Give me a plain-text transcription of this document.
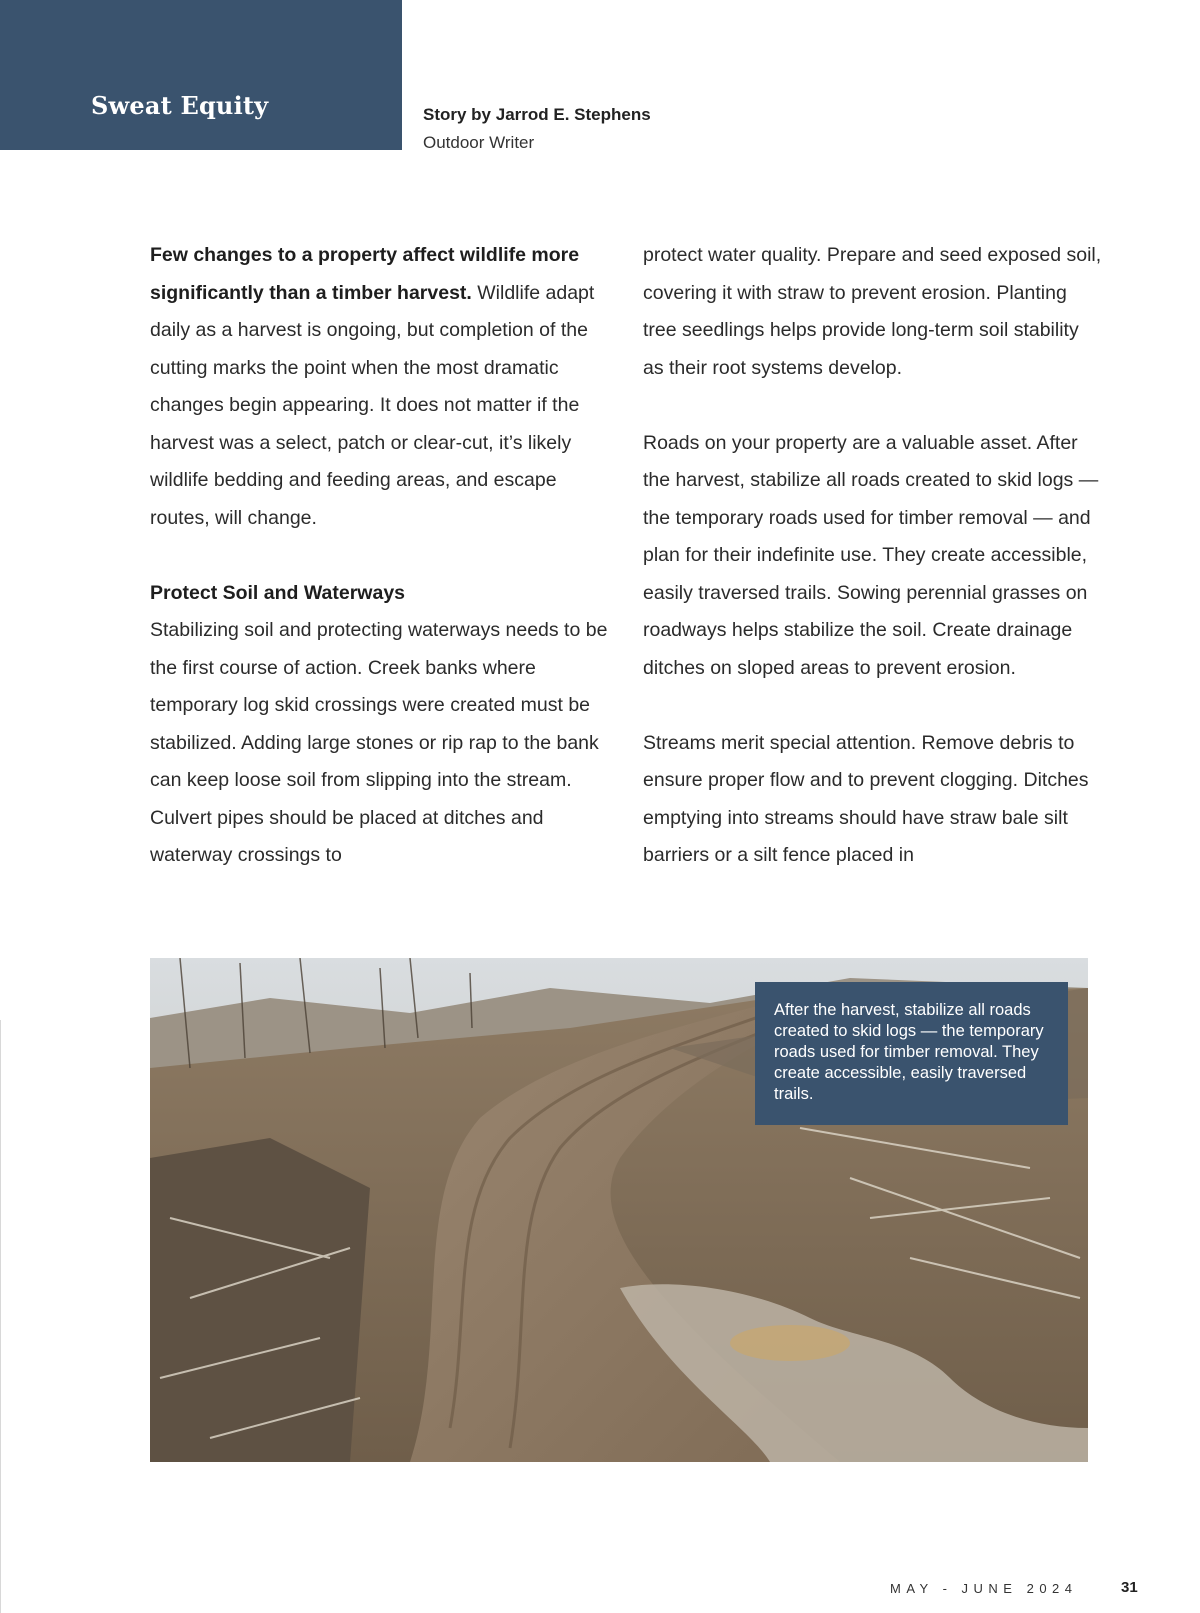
Sweat Equity	Story by Jarrod E. Stephens
Outdoor Writer

Few changes to a property affect wildlife more significantly than a timber harvest. Wildlife adapt daily as a harvest is ongoing, but completion of the cutting marks the point when the most dramatic changes begin appearing. It does not matter if the harvest was a select, patch or clear-cut, it’s likely wildlife bedding and feeding areas, and escape routes, will change.

Protect Soil and Waterways
Stabilizing soil and protecting waterways needs to be the first course of action. Creek banks where temporary log skid crossings were created must be stabilized. Adding large stones or rip rap to the bank can keep loose soil from slipping into the stream. Culvert pipes should be placed at ditches and waterway crossings to

protect water quality. Prepare and seed exposed soil, covering it with straw to prevent erosion. Planting tree seedlings helps provide long-term soil stability as their root systems develop.

Roads on your property are a valuable asset. After the harvest, stabilize all roads created to skid logs —the temporary roads used for timber removal — and plan for their indefinite use. They create accessible, easily traversed trails. Sowing perennial grasses on roadways helps stabilize the soil. Create drainage ditches on sloped areas to prevent erosion.

Streams merit special attention. Remove debris to ensure proper flow and to prevent clogging. Ditches emptying into streams should have straw bale silt barriers or a silt fence placed in

After the harvest, stabilize all roads created to skid logs — the temporary roads used for timber removal. They create accessible, easily traversed trails.
MAY - JUNE 2024	31
